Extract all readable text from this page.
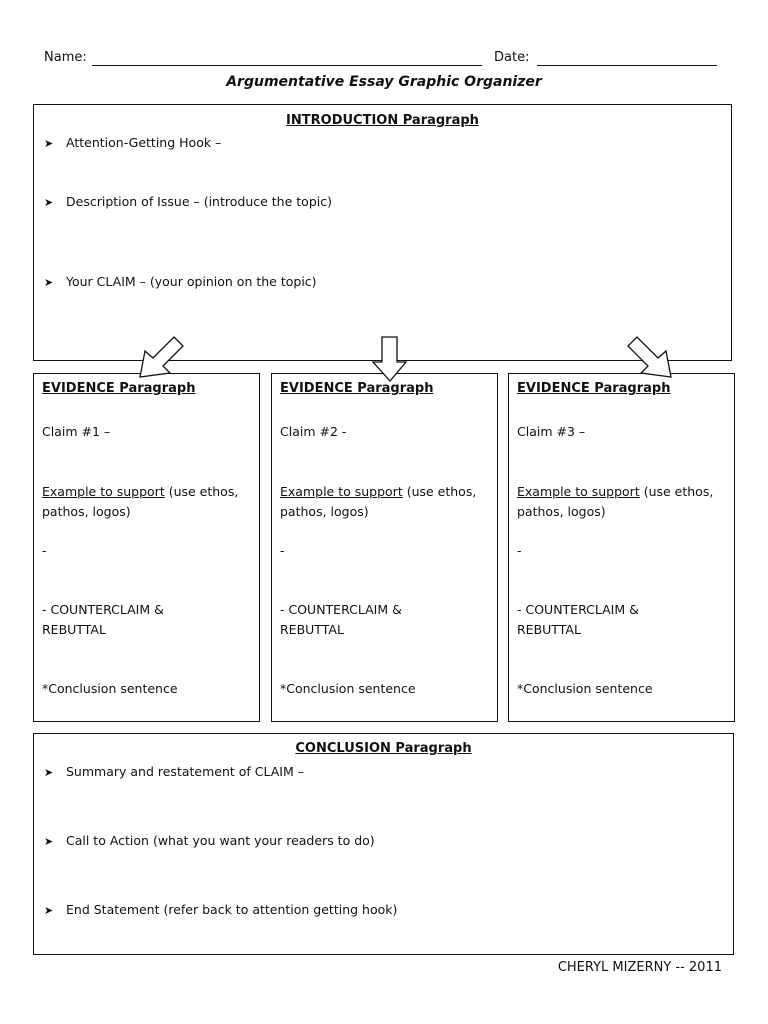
Name:	Date:
Argumentative Essay Graphic Organizer
INTRODUCTION Paragraph
➤ Attention-Getting Hook –
➤ Description of Issue – (introduce the topic)
➤ Your CLAIM – (your opinion on the topic)
EVIDENCE Paragraph
Claim #1 –
Example to support (use ethos,
pathos, logos)
-
- COUNTERCLAIM &
REBUTTAL
*Conclusion sentence
EVIDENCE Paragraph
Claim #2 -
Example to support (use ethos,
pathos, logos)
-
- COUNTERCLAIM &
REBUTTAL
*Conclusion sentence
EVIDENCE Paragraph
Claim #3 –
Example to support (use ethos,
pathos, logos)
-
- COUNTERCLAIM &
REBUTTAL
*Conclusion sentence
CONCLUSION Paragraph
➤ Summary and restatement of CLAIM –
➤ Call to Action (what you want your readers to do)
➤ End Statement (refer back to attention getting hook)
CHERYL MIZERNY -- 2011
